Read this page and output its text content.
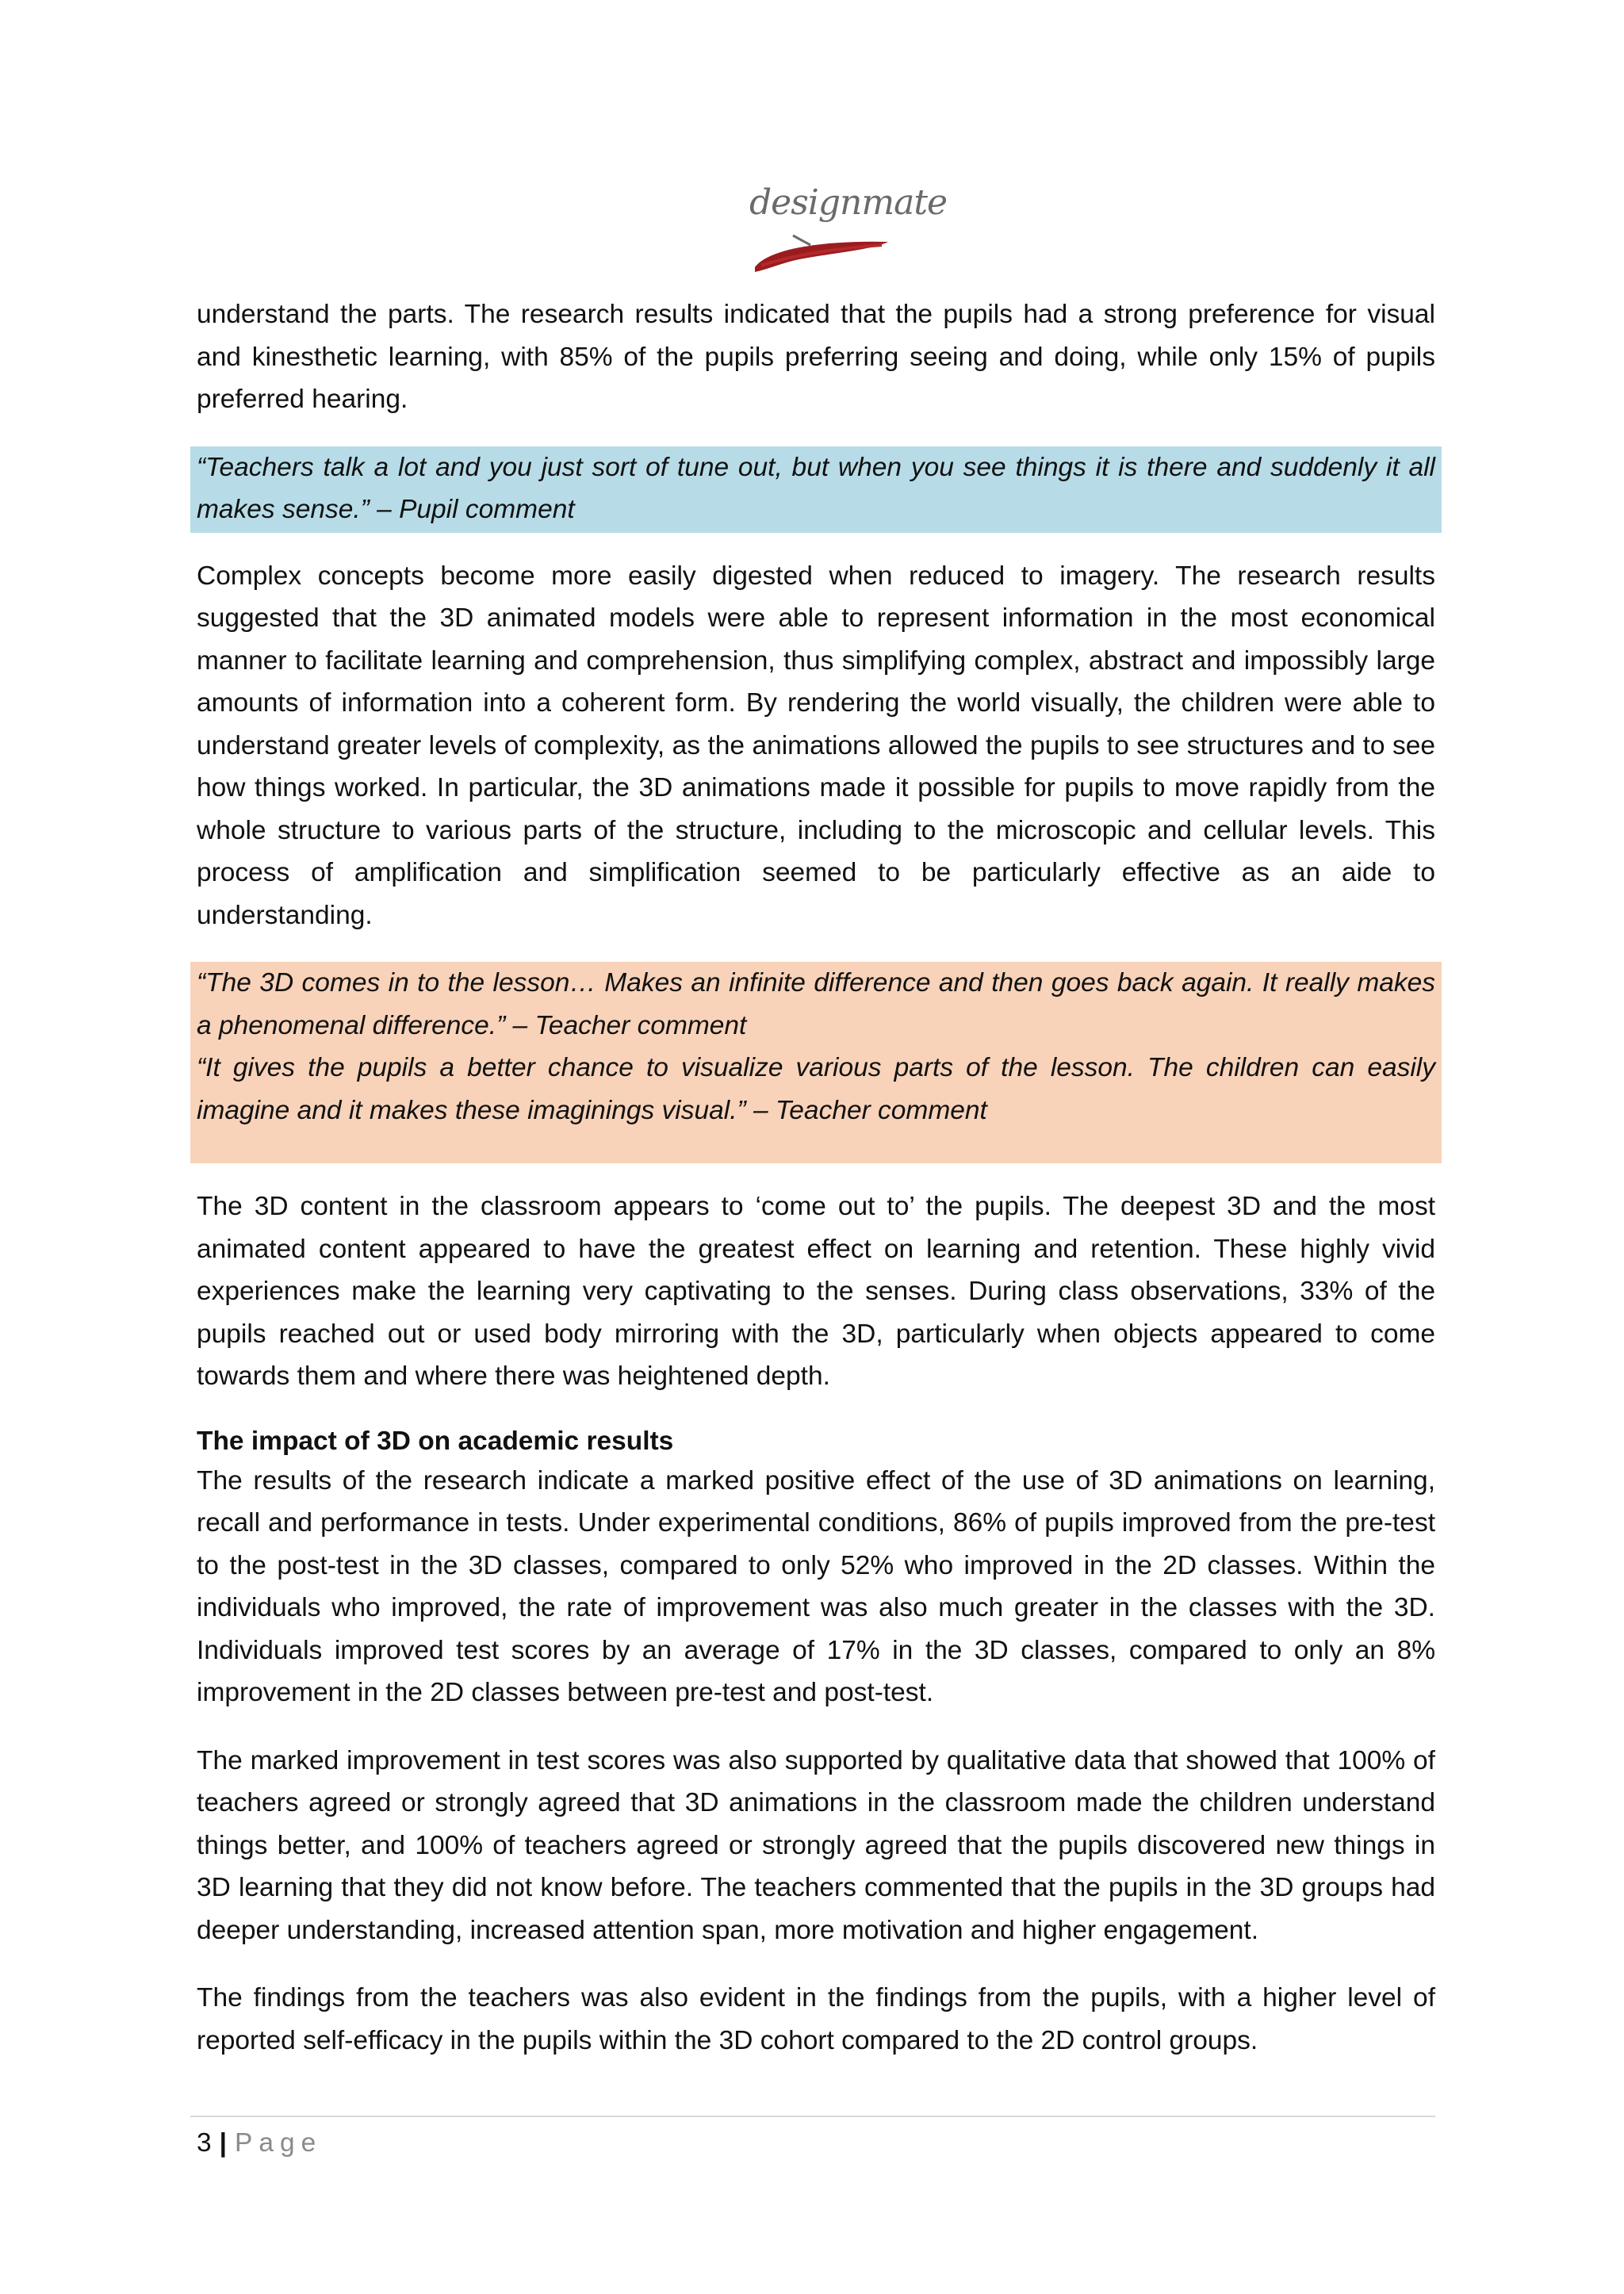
designmate

understand the parts. The research results indicated that the pupils had a strong preference for visual and kinesthetic learning, with 85% of the pupils preferring seeing and doing, while only 15% of pupils preferred hearing.

“Teachers talk a lot and you just sort of tune out, but when you see things it is there and suddenly it all makes sense.” – Pupil comment

Complex concepts become more easily digested when reduced to imagery. The research results suggested that the 3D animated models were able to represent information in the most economical manner to facilitate learning and comprehension, thus simplifying complex, abstract and impossibly large amounts of information into a coherent form. By rendering the world visually, the children were able to understand greater levels of complexity, as the animations allowed the pupils to see structures and to see how things worked. In particular, the 3D animations made it possible for pupils to move rapidly from the whole structure to various parts of the structure, including to the microscopic and cellular levels. This process of amplification and simplification seemed to be particularly effective as an aide to understanding.

“The 3D comes in to the lesson… Makes an infinite difference and then goes back again. It really makes a phenomenal difference.” – Teacher comment

“It gives the pupils a better chance to visualize various parts of the lesson. The children can easily imagine and it makes these imaginings visual.” – Teacher comment

The 3D content in the classroom appears to ‘come out to’ the pupils. The deepest 3D and the most animated content appeared to have the greatest effect on learning and retention. These highly vivid experiences make the learning very captivating to the senses. During class observations, 33% of the pupils reached out or used body mirroring with the 3D, particularly when objects appeared to come towards them and where there was heightened depth.

The impact of 3D on academic results

The results of the research indicate a marked positive effect of the use of 3D animations on learning, recall and performance in tests. Under experimental conditions, 86% of pupils improved from the pre-test to the post-test in the 3D classes, compared to only 52% who improved in the 2D classes. Within the individuals who improved, the rate of improvement was also much greater in the classes with the 3D. Individuals improved test scores by an average of 17% in the 3D classes, compared to only an 8% improvement in the 2D classes between pre-test and post-test.

The marked improvement in test scores was also supported by qualitative data that showed that 100% of teachers agreed or strongly agreed that 3D animations in the classroom made the children understand things better, and 100% of teachers agreed or strongly agreed that the pupils discovered new things in 3D learning that they did not know before. The teachers commented that the pupils in the 3D groups had deeper understanding, increased attention span, more motivation and higher engagement.

The findings from the teachers was also evident in the findings from the pupils, with a higher level of reported self-efficacy in the pupils within the 3D cohort compared to the 2D control groups.

3 | Page
